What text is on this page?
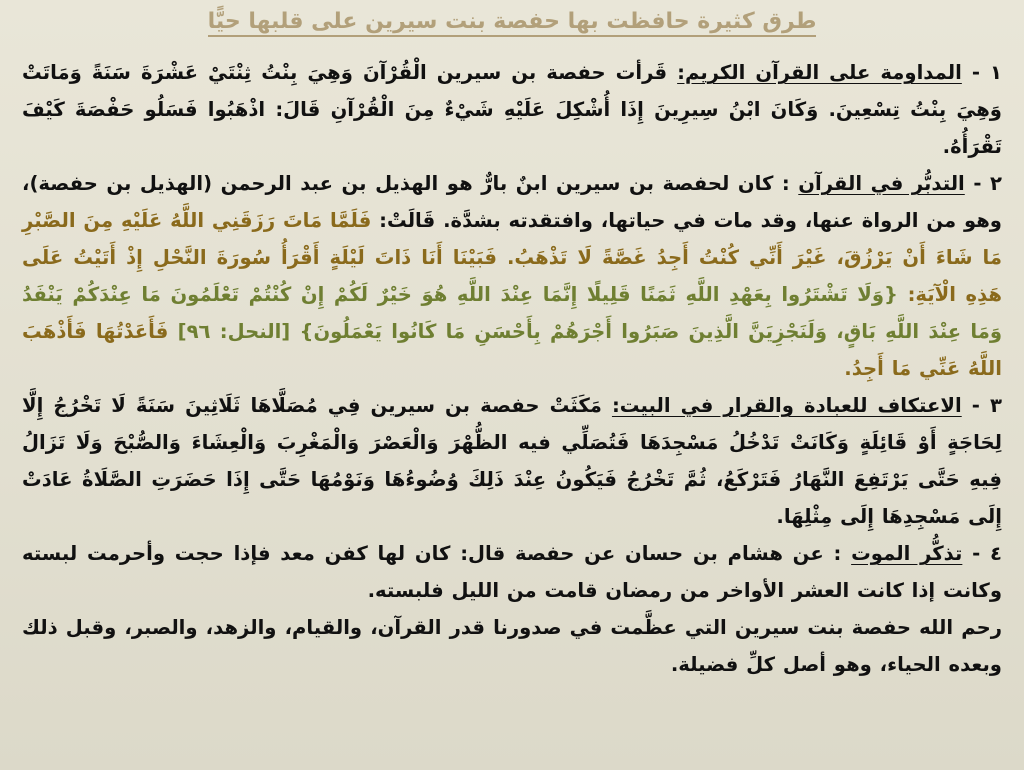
طرق كثيرة حافظت بها حفصة بنت سيرين على قلبها حيًّا

١ - المداومة على القرآن الكريم: قَرأت حفصة بن سيرين الْقُرْآنَ وَهِيَ بِنْتُ ثِنْتَيْ عَشْرَةَ سَنَةً وَمَاتَتْ وَهِيَ بِنْتُ تِسْعِينَ. وَكَانَ ابْنُ سِيرِينَ إِذَا أُشْكِلَ عَلَيْهِ شَيْءٌ مِنَ الْقُرْآنِ قَالَ: اذْهَبُوا فَسَلُو حَفْصَةَ كَيْفَ تَقْرَأُهُ.

٢ - التدبُّر في القرآن : كان لحفصة بن سيرين ابنٌ بارٌّ هو الهذيل بن عبد الرحمن (الهذيل بن حفصة)، وهو من الرواة عنها، وقد مات في حياتها، وافتقدته بشدَّة. قَالَتْ: فَلَمَّا مَاتَ رَزَقَنِي اللَّهُ عَلَيْهِ مِنَ الصَّبْرِ مَا شَاءَ أَنْ يَرْزُقَ، غَيْرَ أَنِّي كُنْتُ أَجِدُ غَصَّةً لَا تَذْهَبُ. فَبَيْنَا أَنَا ذَاتَ لَيْلَةٍ أَقْرَأُ سُورَةَ النَّحْلِ إِذْ أَتَيْتُ عَلَى هَذِهِ الْآيَةِ: {وَلَا تَشْتَرُوا بِعَهْدِ اللَّهِ ثَمَنًا قَلِيلًا إِنَّمَا عِنْدَ اللَّهِ هُوَ خَيْرٌ لَكُمْ إِنْ كُنْتُمْ تَعْلَمُونَ مَا عِنْدَكُمْ يَنْفَدُ وَمَا عِنْدَ اللَّهِ بَاقٍ، وَلَنَجْزِيَنَّ الَّذِينَ صَبَرُوا أَجْرَهُمْ بِأَحْسَنِ مَا كَانُوا يَعْمَلُونَ} [النحل: ٩٦] فَأَعَدْتُهَا فَأَذْهَبَ اللَّهُ عَنِّي مَا أَجِدُ.

٣ - الاعتكاف للعبادة والقرار في البيت: مَكَثَتْ حفصة بن سيرين فِي مُصَلَّاهَا ثَلَاثِينَ سَنَةً لَا تَخْرُجُ إِلَّا لِحَاجَةٍ أَوْ قَائِلَةٍ وَكَانَتْ تَدْخُلُ مَسْجِدَهَا فَتُصَلِّي فيه الظُّهْرَ وَالْعَصْرَ وَالْمَغْرِبَ وَالْعِشَاءَ وَالصُّبْحَ وَلَا تَزَالُ فِيهِ حَتَّى يَرْتَفِعَ النَّهَارُ فَتَرْكَعُ، ثُمَّ تَخْرُجُ فَيَكُونُ عِنْدَ ذَلِكَ وُضُوءُهَا وَنَوْمُهَا حَتَّى إِذَا حَضَرَتِ الصَّلَاةُ عَادَتْ إِلَى مَسْجِدِهَا إِلَى مِثْلِهَا.

٤ - تذكُّر الموت : عن هشام بن حسان عن حفصة قال: كان لها كفن معد فإذا حجت وأحرمت لبسته وكانت إذا كانت العشر الأواخر من رمضان قامت من الليل فلبسته.

رحم الله حفصة بنت سيرين التي عظَّمت في صدورنا قدر القرآن، والقيام، والزهد، والصبر، وقبل ذلك وبعده الحياء، وهو أصل كلِّ فضيلة.
